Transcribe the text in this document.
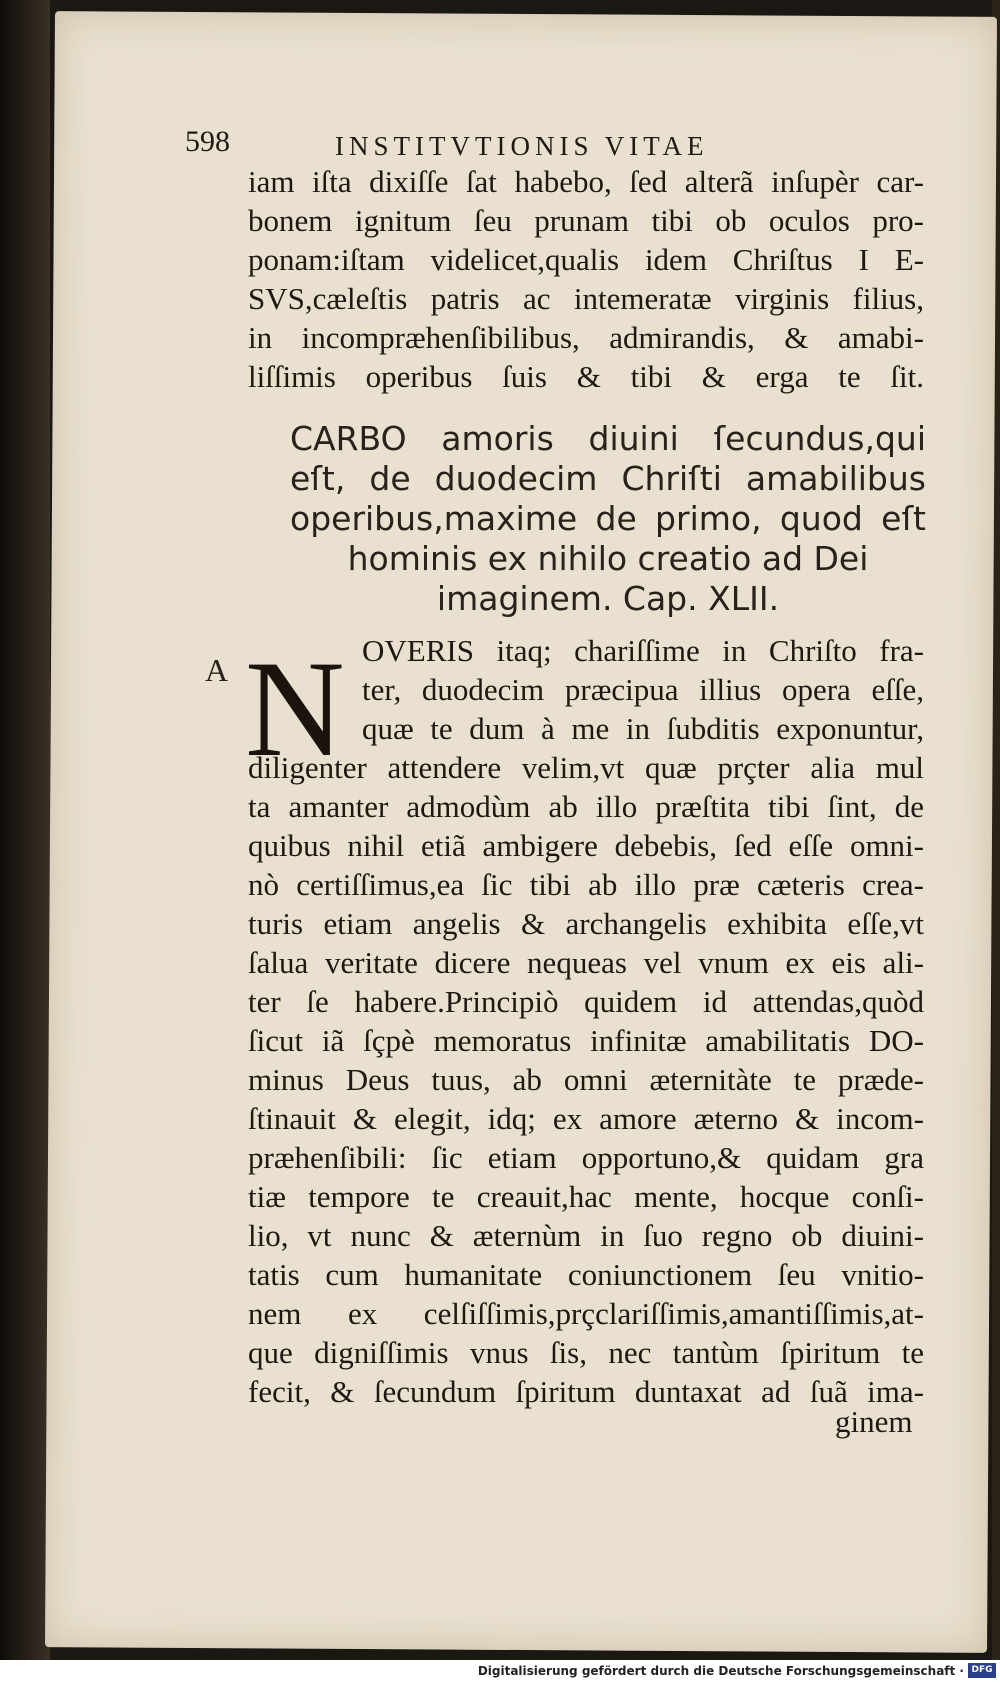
598	INSTITVTIONIS VITAE
iam iſta dixiſſe ſat habebo, ſed alterã inſupèr car-
bonem ignitum ſeu prunam tibi ob oculos pro-
ponam:iſtam videlicet,qualis idem Chriſtus I E-
SVS,cæleſtis patris ac intemeratæ virginis filius,
in incompræhenſibilibus, admirandis, & amabi-
liſſimis operibus ſuis & tibi & erga te ſit.
CARBO amoris diuini ſecundus,qui
eſt, de duodecim Chriſti amabilibus
operibus,maxime de primo, quod eſt
hominis ex nihilo creatio ad Dei
imaginem. Cap. XLII.
A N OVERIS itaq; chariſſime in Chriſto fra-
ter, duodecim præcipua illius opera eſſe,
quæ te dum à me in ſubditis exponuntur,
diligenter attendere velim,vt quæ prçter alia mul
ta amanter admodùm ab illo præſtita tibi ſint, de
quibus nihil etiã ambigere debebis, ſed eſſe omni-
nò certiſſimus,ea ſic tibi ab illo præ cæteris crea-
turis etiam angelis & archangelis exhibita eſſe,vt
ſalua veritate dicere nequeas vel vnum ex eis ali-
ter ſe habere.Principiò quidem id attendas,quòd
ſicut iã ſçpè memoratus infinitæ amabilitatis DO-
minus Deus tuus, ab omni æternitàte te præde-
ſtinauit & elegit, idq; ex amore æterno & incom-
præhenſibili: ſic etiam opportuno,& quidam gra
tiæ tempore te creauit,hac mente, hocque conſi-
lio, vt nunc & æternùm in ſuo regno ob diuini-
tatis cum humanitate coniunctionem ſeu vnitio-
nem ex celſiſſimis,prçclariſſimis,amantiſſimis,at-
que digniſſimis vnus ſis, nec tantùm ſpiritum te
fecit, & ſecundum ſpiritum duntaxat ad ſuã ima-
ginem
Digitalisierung gefördert durch die Deutsche Forschungsgemeinschaft · DFG
